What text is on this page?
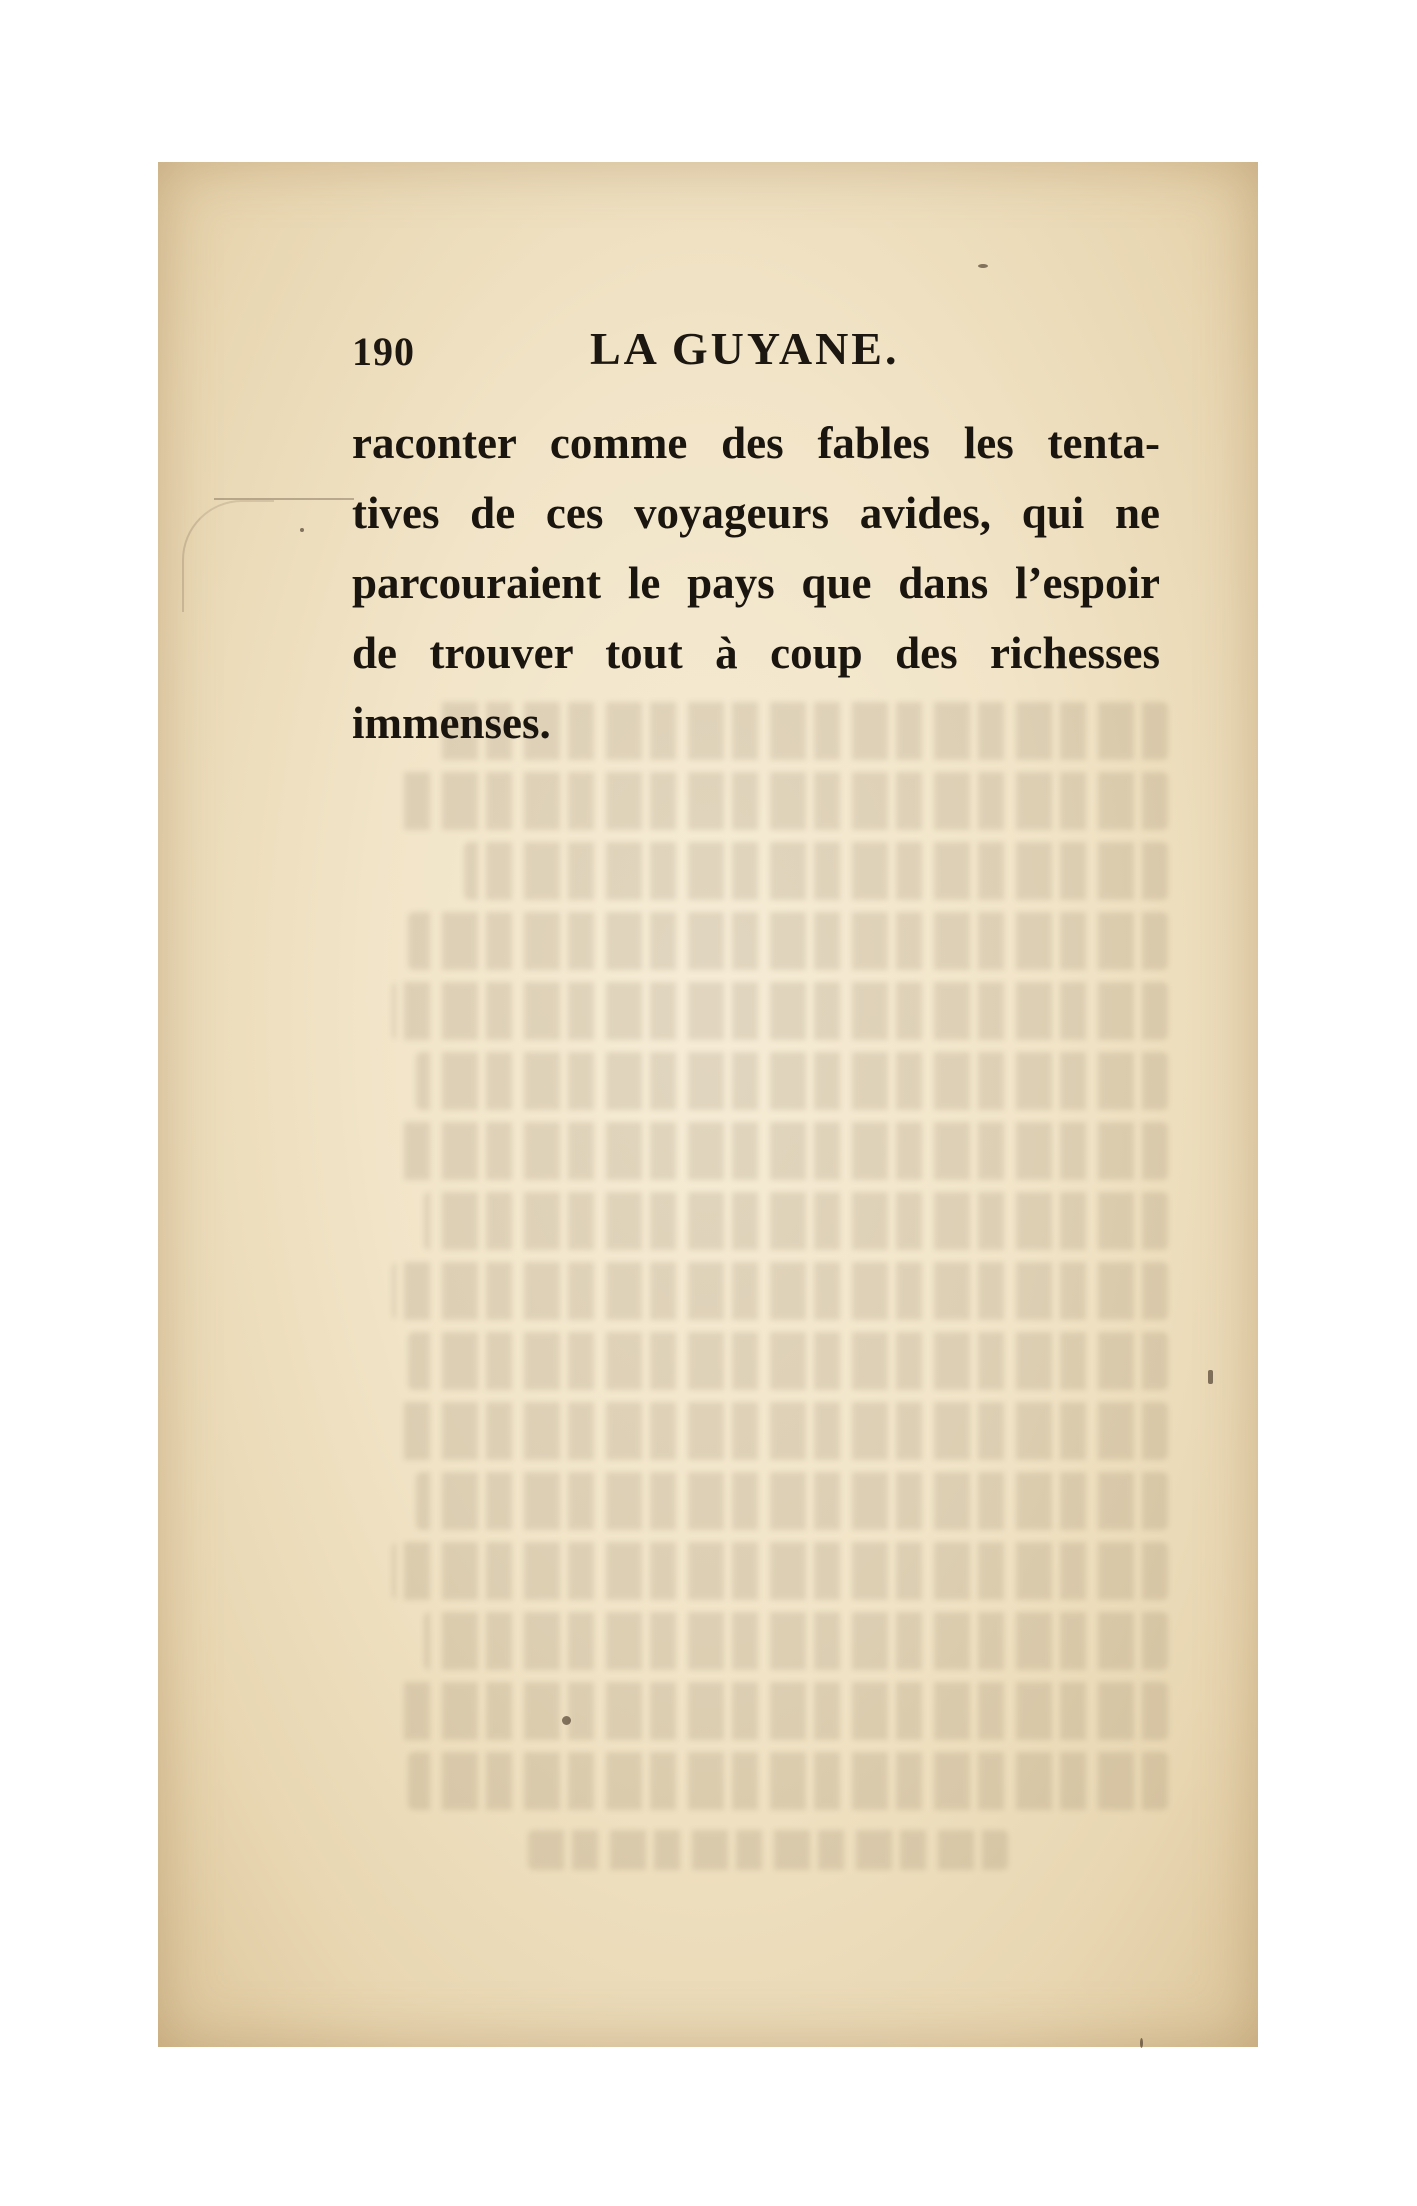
190	LA GUYANE.
raconter comme des fables les tenta-
tives de ces voyageurs avides, qui ne
parcouraient le pays que dans l’espoir
de trouver tout à coup des richesses
immenses.
